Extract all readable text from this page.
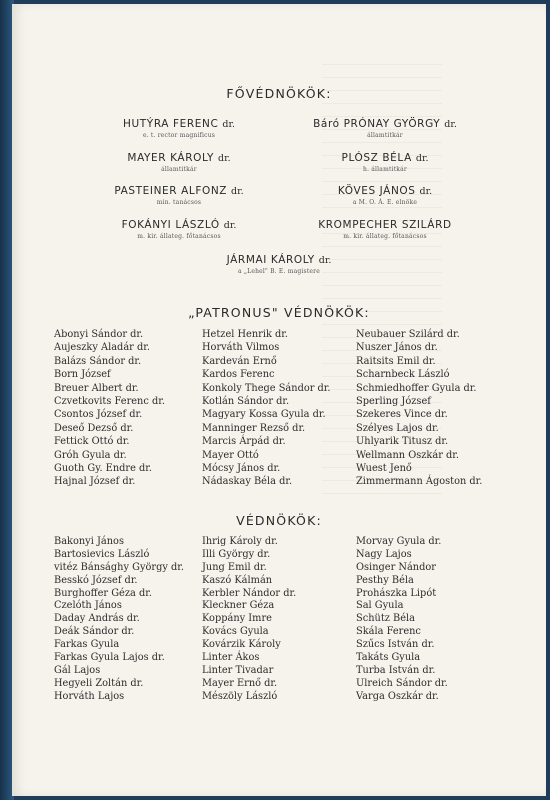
FŐVÉDNÖKÖK:
HUTÝRA FERENC dr.
e. t. rector magnificus
Báró PRÓNAY GYÖRGY dr.
államtitkár
MAYER KÁROLY dr.
államtitkár
PLÓSZ BÉLA dr.
h. államtitkár
PASTEINER ALFONZ dr.
min. tanácsos
KÖVES JÁNOS dr.
a M. O. Á. E. elnöke
FOKÁNYI LÁSZLÓ dr.
m. kir. állateg. főtanácsos
KROMPECHER SZILÁRD
m. kir. állateg. főtanácsos
JÁRMAI KÁROLY dr.
a „Lehel" B. E. magistere
„PATRONUS" VÉDNÖKÖK:
Abonyi Sándor dr.
Aujeszky Aladár dr.
Balázs Sándor dr.
Born József
Breuer Albert dr.
Czvetkovits Ferenc dr.
Csontos József dr.
Deseő Dezső dr.
Fettick Ottó dr.
Gróh Gyula dr.
Guoth Gy. Endre dr.
Hajnal József dr.
Hetzel Henrik dr.
Horváth Vilmos
Kardeván Ernő
Kardos Ferenc
Konkoly Thege Sándor dr.
Kotlán Sándor dr.
Magyary Kossa Gyula dr.
Manninger Rezső dr.
Marcis Árpád dr.
Mayer Ottó
Mócsy János dr.
Nádaskay Béla dr.
Neubauer Szilárd dr.
Nuszer János dr.
Raitsits Emil dr.
Scharnbeck László
Schmiedhoffer Gyula dr.
Sperling József
Szekeres Vince dr.
Szélyes Lajos dr.
Uhlyarik Titusz dr.
Wellmann Oszkár dr.
Wuest Jenő
Zimmermann Ágoston dr.
VÉDNÖKÖK:
Bakonyi János
Bartosievics László
vitéz Bánsághy György dr.
Besskó József dr.
Burghoffer Géza dr.
Czelóth János
Daday András dr.
Deák Sándor dr.
Farkas Gyula
Farkas Gyula Lajos dr.
Gál Lajos
Hegyeli Zoltán dr.
Horváth Lajos
Ihrig Károly dr.
Illi György dr.
Jung Emil dr.
Kaszó Kálmán
Kerbler Nándor dr.
Kleckner Géza
Koppány Imre
Kovács Gyula
Kovárzik Károly
Linter Ákos
Linter Tivadar
Mayer Ernő dr.
Mészöly László
Morvay Gyula dr.
Nagy Lajos
Osinger Nándor
Pesthy Béla
Prohászka Lipót
Sal Gyula
Schütz Béla
Skála Ferenc
Szűcs István dr.
Takáts Gyula
Turba István dr.
Ulreich Sándor dr.
Varga Oszkár dr.
